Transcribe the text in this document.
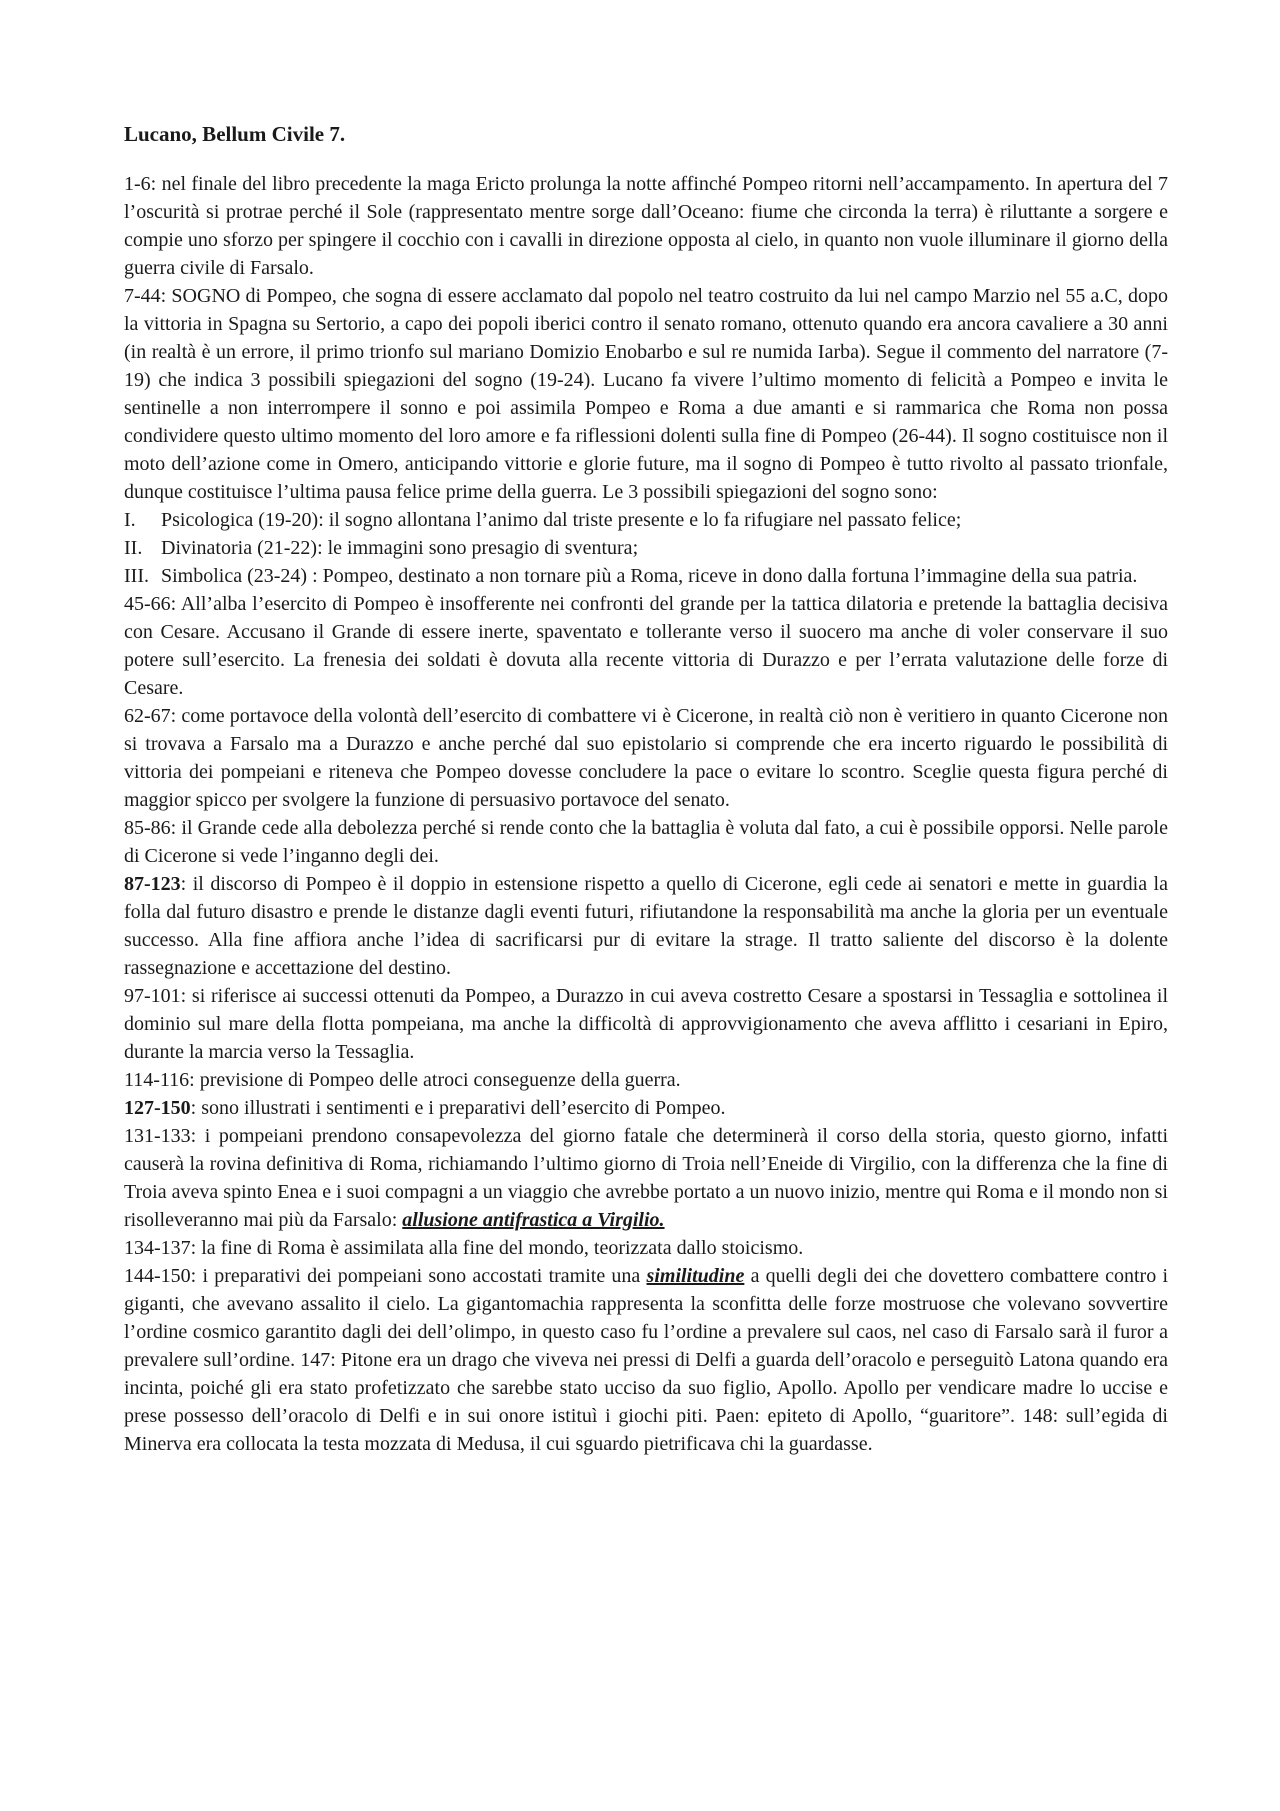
Lucano, Bellum Civile 7.

1-6: nel finale del libro precedente la maga Ericto prolunga la notte affinché Pompeo ritorni nell’accampamento. In apertura del 7 l’oscurità si protrae perché il Sole (rappresentato mentre sorge dall’Oceano: fiume che circonda la terra) è riluttante a sorgere e compie uno sforzo per spingere il cocchio con i cavalli in direzione opposta al cielo, in quanto non vuole illuminare il giorno della guerra civile di Farsalo.

7-44: SOGNO di Pompeo, che sogna di essere acclamato dal popolo nel teatro costruito da lui nel campo Marzio nel 55 a.C, dopo la vittoria in Spagna su Sertorio, a capo dei popoli iberici contro il senato romano, ottenuto quando era ancora cavaliere a 30 anni (in realtà è un errore, il primo trionfo sul mariano Domizio Enobarbo e sul re numida Iarba). Segue il commento del narratore (7-19) che indica 3 possibili spiegazioni del sogno (19-24). Lucano fa vivere l’ultimo momento di felicità a Pompeo e invita le sentinelle a non interrompere il sonno e poi assimila Pompeo e Roma a due amanti e si rammarica che Roma non possa condividere questo ultimo momento del loro amore e fa riflessioni dolenti sulla fine di Pompeo (26-44). Il sogno costituisce non il moto dell’azione come in Omero, anticipando vittorie e glorie future, ma il sogno di Pompeo è tutto rivolto al passato trionfale, dunque costituisce l’ultima pausa felice prime della guerra. Le 3 possibili spiegazioni del sogno sono:

I. Psicologica (19-20): il sogno allontana l’animo dal triste presente e lo fa rifugiare nel passato felice;
II. Divinatoria (21-22): le immagini sono presagio di sventura;
III. Simbolica (23-24) : Pompeo, destinato a non tornare più a Roma, riceve in dono dalla fortuna l’immagine della sua patria.

45-66: All’alba l’esercito di Pompeo è insofferente nei confronti del grande per la tattica dilatoria e pretende la battaglia decisiva con Cesare. Accusano il Grande di essere inerte, spaventato e tollerante verso il suocero ma anche di voler conservare il suo potere sull’esercito. La frenesia dei soldati è dovuta alla recente vittoria di Durazzo e per l’errata valutazione delle forze di Cesare.

62-67: come portavoce della volontà dell’esercito di combattere vi è Cicerone, in realtà ciò non è veritiero in quanto Cicerone non si trovava a Farsalo ma a Durazzo e anche perché dal suo epistolario si comprende che era incerto riguardo le possibilità di vittoria dei pompeiani e riteneva che Pompeo dovesse concludere la pace o evitare lo scontro. Sceglie questa figura perché di maggior spicco per svolgere la funzione di persuasivo portavoce del senato.

85-86: il Grande cede alla debolezza perché si rende conto che la battaglia è voluta dal fato, a cui è possibile opporsi. Nelle parole di Cicerone si vede l’inganno degli dei.

87-123: il discorso di Pompeo è il doppio in estensione rispetto a quello di Cicerone, egli cede ai senatori e mette in guardia la folla dal futuro disastro e prende le distanze dagli eventi futuri, rifiutandone la responsabilità ma anche la gloria per un eventuale successo. Alla fine affiora anche l’idea di sacrificarsi pur di evitare la strage. Il tratto saliente del discorso è la dolente rassegnazione e accettazione del destino.

97-101: si riferisce ai successi ottenuti da Pompeo, a Durazzo in cui aveva costretto Cesare a spostarsi in Tessaglia e sottolinea il dominio sul mare della flotta pompeiana, ma anche la difficoltà di approvvigionamento che aveva afflitto i cesariani in Epiro, durante la marcia verso la Tessaglia.

114-116: previsione di Pompeo delle atroci conseguenze della guerra.

127-150: sono illustrati i sentimenti e i preparativi dell’esercito di Pompeo.

131-133: i pompeiani prendono consapevolezza del giorno fatale che determinerà il corso della storia, questo giorno, infatti causerà la rovina definitiva di Roma, richiamando l’ultimo giorno di Troia nell’Eneide di Virgilio, con la differenza che la fine di Troia aveva spinto Enea e i suoi compagni a un viaggio che avrebbe portato a un nuovo inizio, mentre qui Roma e il mondo non si risolleveranno mai più da Farsalo: allusione antifrastica a Virgilio.

134-137: la fine di Roma è assimilata alla fine del mondo, teorizzata dallo stoicismo.

144-150: i preparativi dei pompeiani sono accostati tramite una similitudine a quelli degli dei che dovettero combattere contro i giganti, che avevano assalito il cielo. La gigantomachia rappresenta la sconfitta delle forze mostruose che volevano sovvertire l’ordine cosmico garantito dagli dei dell’olimpo, in questo caso fu l’ordine a prevalere sul caos, nel caso di Farsalo sarà il furor a prevalere sull’ordine. 147: Pitone era un drago che viveva nei pressi di Delfi a guarda dell’oracolo e perseguitò Latona quando era incinta, poiché gli era stato profetizzato che sarebbe stato ucciso da suo figlio, Apollo. Apollo per vendicare madre lo uccise e prese possesso dell’oracolo di Delfi e in sui onore istituì i giochi piti. Paen: epiteto di Apollo, “guaritore”. 148: sull’egida di Minerva era collocata la testa mozzata di Medusa, il cui sguardo pietrificava chi la guardasse.
